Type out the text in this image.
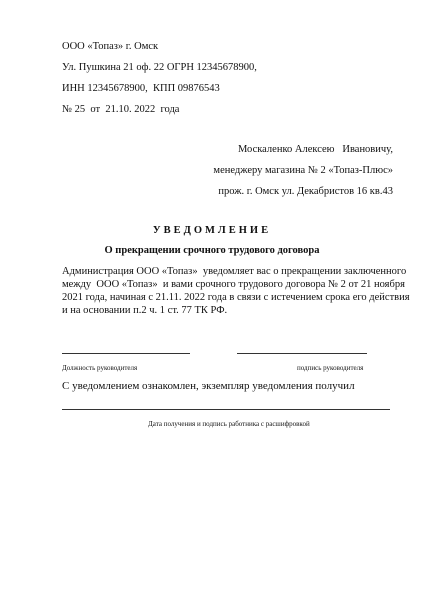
ООО «Топаз» г. Омск
Ул. Пушкина 21 оф. 22 ОГРН 12345678900,
ИНН 12345678900,  КПП 09876543
№ 25  от  21.10. 2022  года
Москаленко Алексею   Ивановичу,
менеджеру магазина № 2 «Топаз-Плюс»
прож. г. Омск ул. Декабристов 16 кв.43
УВЕДОМЛЕНИЕ
О прекращении срочного трудового договора
Администрация ООО «Топаз»  уведомляет вас о прекращении заключенного
между  ООО «Топаз»  и вами срочного трудового договора № 2 от 21 ноября
2021 года, начиная с 21.11. 2022 года в связи с истечением срока его действия
и на основании п.2 ч. 1 ст. 77 ТК РФ.
Должность руководителя	подпись руководителя
С уведомлением ознакомлен, экземпляр уведомления получил
Дата получения и подпись работника с расшифровкой
